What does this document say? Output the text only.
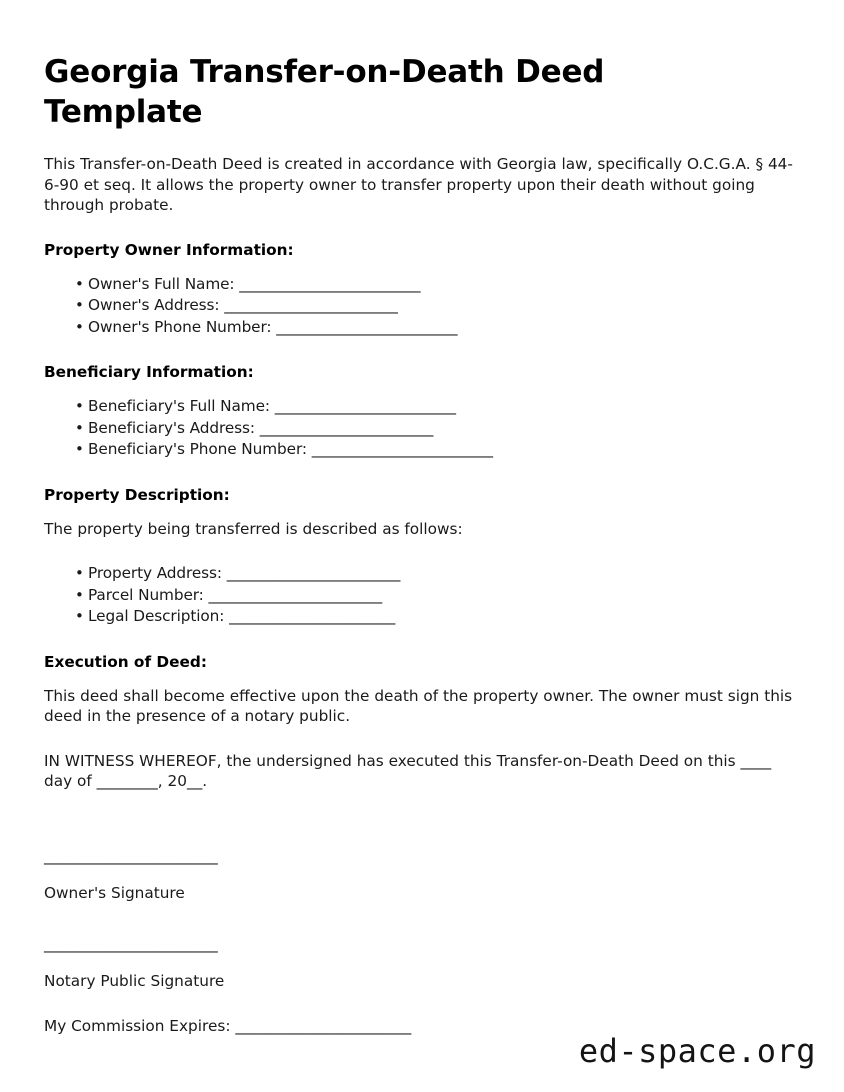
Georgia Transfer-on-Death Deed Template

This Transfer-on-Death Deed is created in accordance with Georgia law, specifically O.C.G.A. § 44-6-90 et seq. It allows the property owner to transfer property upon their death without going through probate.

Property Owner Information:
• Owner's Full Name: ________________________
• Owner's Address: _______________________
• Owner's Phone Number: ________________________
Beneficiary Information:
• Beneficiary's Full Name: ________________________
• Beneficiary's Address: _______________________
• Beneficiary's Phone Number: ________________________
Property Description:

The property being transferred is described as follows:

• Property Address: _______________________
• Parcel Number: _______________________
• Legal Description: ______________________
Execution of Deed:

This deed shall become effective upon the death of the property owner. The owner must sign this deed in the presence of a notary public.

IN WITNESS WHEREOF, the undersigned has executed this Transfer-on-Death Deed on this ____ day of ________, 20__.

_______________________

Owner's Signature

_______________________

Notary Public Signature

My Commission Expires: _______________________

ed-space.org
